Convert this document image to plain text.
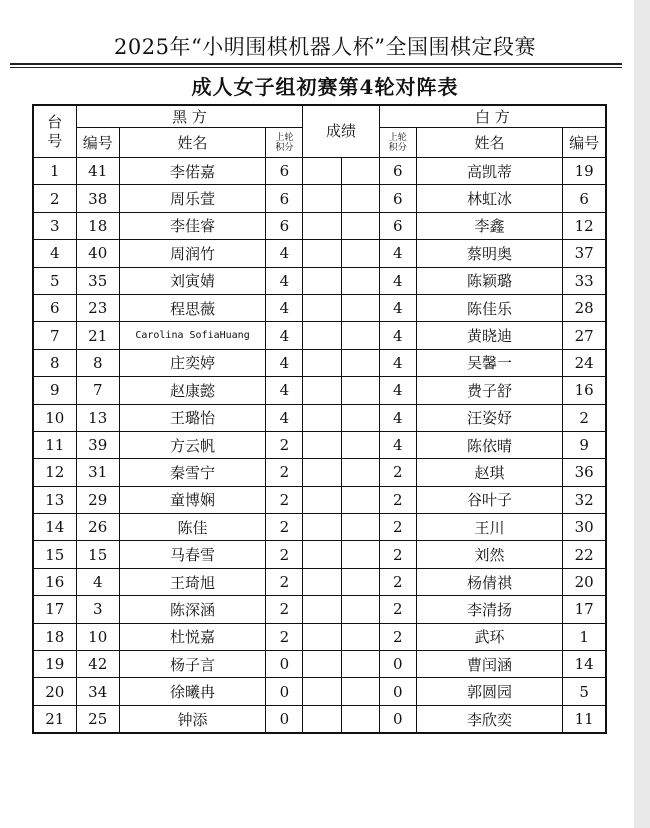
2025年“小明围棋机器人杯”全国围棋定段赛
成人女子组初赛第4轮对阵表
台号	黑 方			成绩		白 方		
	编号	姓名	上轮积分			上轮积分	姓名	编号
1	41	李偌嘉	6			6	高凯蒂	19
2	38	周乐萱	6			6	林虹冰	6
3	18	李佳睿	6			6	李鑫	12
4	40	周润竹	4			4	蔡明奥	37
5	35	刘寅婧	4			4	陈颖璐	33
6	23	程思薇	4			4	陈佳乐	28
7	21	Carolina SofiaHuang	4			4	黄晓迪	27
8	8	庄奕婷	4			4	吴馨一	24
9	7	赵康懿	4			4	费子舒	16
10	13	王璐怡	4			4	汪姿妤	2
11	39	方云帆	2			4	陈依晴	9
12	31	秦雪宁	2			2	赵琪	36
13	29	童博娴	2			2	谷叶子	32
14	26	陈佳	2			2	王川	30
15	15	马春雪	2			2	刘然	22
16	4	王琦旭	2			2	杨倩祺	20
17	3	陈深涵	2			2	李清扬	17
18	10	杜悦嘉	2			2	武环	1
19	42	杨子言	0			0	曹闰涵	14
20	34	徐曦冉	0			0	郭圆园	5
21	25	钟添	0			0	李欣奕	11
